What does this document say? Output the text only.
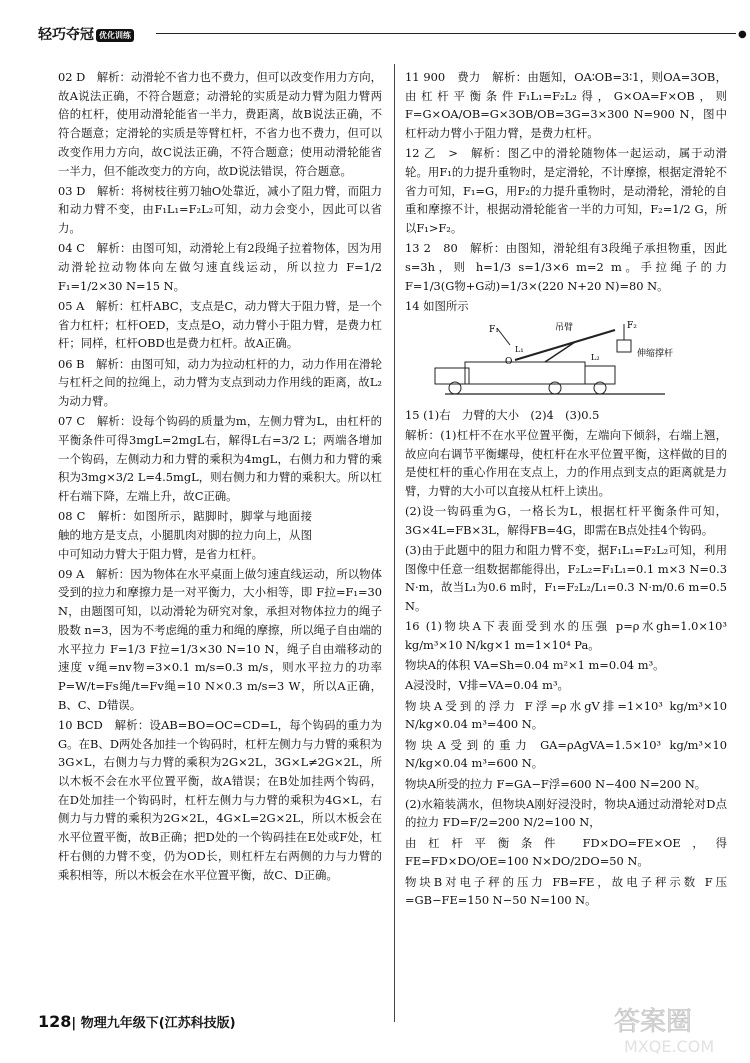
轻巧夺冠 优化训练	●

02 D　解析：动滑轮不省力也不费力，但可以改变作用力方向，故A说法正确，不符合题意；动滑轮的实质是动力臂为阻力臂两倍的杠杆，使用动滑轮能省一半力，费距离，故B说法正确，不符合题意；定滑轮的实质是等臂杠杆，不省力也不费力，但可以改变作用力方向，故C说法正确，不符合题意；使用动滑轮能省一半力，但不能改变力的方向，故D说法错误，符合题意。

03 D　解析：将树枝往剪刀轴O处靠近，减小了阻力臂，而阻力和动力臂不变，由F₁L₁=F₂L₂可知，动力会变小，因此可以省力。

04 C　解析：由图可知，动滑轮上有2段绳子拉着物体，因为用动滑轮拉动物体向左做匀速直线运动，所以拉力 F=1/2 F₁=1/2×30 N=15 N。

05 A　解析：杠杆ABC，支点是C，动力臂大于阻力臂，是一个省力杠杆；杠杆OED，支点是O，动力臂小于阻力臂，是费力杠杆；同样，杠杆OBD也是费力杠杆。故A正确。

06 B　解析：由图可知，动力为拉动杠杆的力，动力作用在滑轮与杠杆之间的拉绳上，动力臂为支点到动力作用线的距离，故L₂为动力臂。

07 C　解析：设每个钩码的质量为m，左侧力臂为L，由杠杆的平衡条件可得3mgL=2mgL右，解得L右=3/2 L；两端各增加一个钩码，左侧动力和力臂的乘积为4mgL，右侧力和力臂的乘积为3mg×3/2 L=4.5mgL，则右侧力和力臂的乘积大。所以杠杆右端下降，左端上升，故C正确。

08 C　解析：如图所示，踮脚时，脚掌与地面接触的地方是支点，小腿肌肉对脚的拉力向上，从图中可知动力臂大于阻力臂，是省力杠杆。

09 A　解析：因为物体在水平桌面上做匀速直线运动，所以物体受到的拉力和摩擦力是一对平衡力，大小相等，即 F拉=F₁=30 N，由题图可知，以动滑轮为研究对象，承担对物体拉力的绳子股数 n=3，因为不考虑绳的重力和绳的摩擦，所以绳子自由端的水平拉力 F=1/3 F拉=1/3×30 N=10 N，绳子自由端移动的速度 v绳=nv物=3×0.1 m/s=0.3 m/s，则水平拉力的功率 P=W/t=Fs绳/t=Fv绳=10 N×0.3 m/s=3 W，所以A正确，B、C、D错误。

10 BCD　解析：设AB=BO=OC=CD=L，每个钩码的重力为G。在B、D两处各加挂一个钩码时，杠杆左侧力与力臂的乘积为3G×L，右侧力与力臂的乘积为2G×2L，3G×L≠2G×2L，所以木板不会在水平位置平衡，故A错误；在B处加挂两个钩码，在D处加挂一个钩码时，杠杆左侧力与力臂的乘积为4G×L，右侧力与力臂的乘积为2G×2L，4G×L=2G×2L，所以木板会在水平位置平衡，故B正确；把D处的一个钩码挂在E处或F处，杠杆右侧的力臂不变，仍为OD长，则杠杆左右两侧的力与力臂的乘积相等，所以木板会在水平位置平衡，故C、D正确。

11 900　费力　解析：由题知，OA∶OB=3∶1，则OA=3OB，由杠杆平衡条件F₁L₁=F₂L₂得，G×OA=F×OB，则 F=G×OA/OB=G×3OB/OB=3G=3×300 N=900 N，图中杠杆动力臂小于阻力臂，是费力杠杆。

12 乙　>　解析：图乙中的滑轮随物体一起运动，属于动滑轮。用F₁的力提升重物时，是定滑轮，不计摩擦，根据定滑轮不省力可知，F₁=G，用F₂的力提升重物时，是动滑轮，滑轮的自重和摩擦不计，根据动滑轮能省一半的力可知，F₂=1/2 G，所以F₁>F₂。

13 2　80　解析：由图知，滑轮组有3段绳子承担物重，因此 s=3h，则 h=1/3 s=1/3×6 m=2 m。手拉绳子的力 F=1/3(G物+G动)=1/3×(220 N+20 N)=80 N。

14 如图所示

F₁	F₂
吊臂
伸缩撑杆
O
L₁
L₂

15 (1)右　力臂的大小　(2)4　(3)0.5

解析：(1)杠杆不在水平位置平衡，左端向下倾斜，右端上翘，故应向右调节平衡螺母，使杠杆在水平位置平衡，这样做的目的是使杠杆的重心作用在支点上，力的作用点到支点的距离就是力臂，力臂的大小可以直接从杠杆上读出。

(2)设一钩码重为G，一格长为L，根据杠杆平衡条件可知，3G×4L=FB×3L，解得FB=4G，即需在B点处挂4个钩码。

(3)由于此题中的阻力和阻力臂不变，据F₁L₁=F₂L₂可知，利用图像中任意一组数据都能得出，F₂L₂=F₁L₁=0.1 m×3 N=0.3 N·m，故当L₁为0.6 m时，F₁=F₂L₂/L₁=0.3 N·m/0.6 m=0.5 N。

16 (1)物块A下表面受到水的压强 p=ρ水gh=1.0×10³ kg/m³×10 N/kg×1 m=1×10⁴ Pa。

物块A的体积 VA=Sh=0.04 m²×1 m=0.04 m³。

A浸没时，V排=VA=0.04 m³。

物块A受到的浮力 F浮=ρ水gV排=1×10³ kg/m³×10 N/kg×0.04 m³=400 N。

物块A受到的重力 GA=ρAgVA=1.5×10³ kg/m³×10 N/kg×0.04 m³=600 N。

物块A所受的拉力 F=GA−F浮=600 N−400 N=200 N。

(2)水箱装满水，但物块A刚好浸没时，物块A通过动滑轮对D点的拉力 FD=F/2=200 N/2=100 N，

由杠杆平衡条件 FD×DO=FE×OE，得 FE=FD×DO/OE=100 N×DO/2DO=50 N。

物块B对电子秤的压力 FB=FE，故电子秤示数 F压=GB−FE=150 N−50 N=100 N。

128| 物理九年级下(江苏科技版)	答案圈
MXQE.COM
